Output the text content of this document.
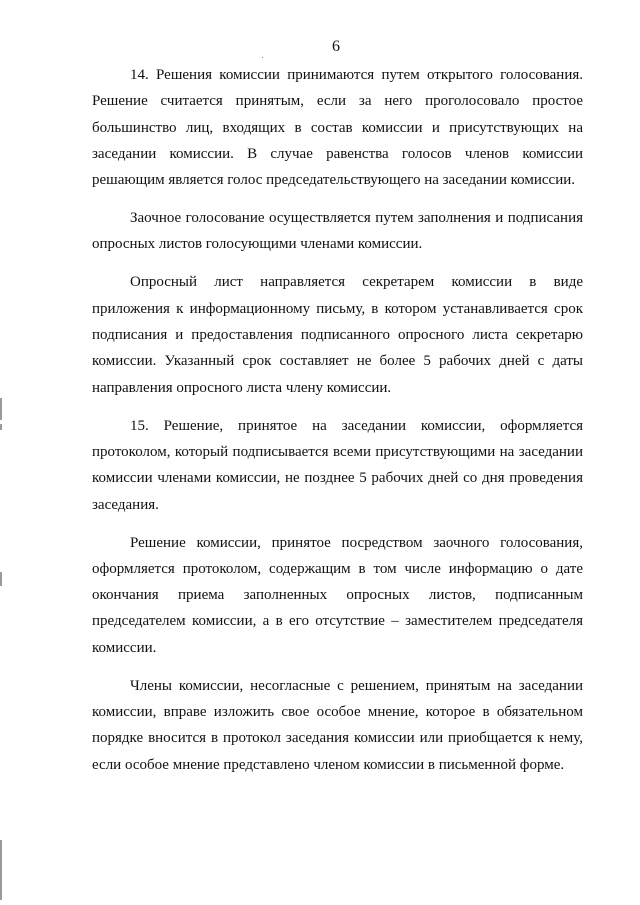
6

14. Решения комиссии принимаются путем открытого голосования. Решение считается принятым, если за него проголосовало простое большинство лиц, входящих в состав комиссии и присутствующих на заседании комиссии. В случае равенства голосов членов комиссии решающим является голос председательствующего на заседании комиссии.

Заочное голосование осуществляется путем заполнения и подписания опросных листов голосующими членами комиссии.

Опросный лист направляется секретарем комиссии в виде приложения к информационному письму, в котором устанавливается срок подписания и предоставления подписанного опросного листа секретарю комиссии. Указанный срок составляет не более 5 рабочих дней с даты направления опросного листа члену комиссии.

15. Решение, принятое на заседании комиссии, оформляется протоколом, который подписывается всеми присутствующими на заседании комиссии членами комиссии, не позднее 5 рабочих дней со дня проведения заседания.

Решение комиссии, принятое посредством заочного голосования, оформляется протоколом, содержащим в том числе информацию о дате окончания приема заполненных опросных листов, подписанным председателем комиссии, а в его отсутствие – заместителем председателя комиссии.

Члены комиссии, несогласные с решением, принятым на заседании комиссии, вправе изложить свое особое мнение, которое в обязательном порядке вносится в протокол заседания комиссии или приобщается к нему, если особое мнение представлено членом комиссии в письменной форме.
